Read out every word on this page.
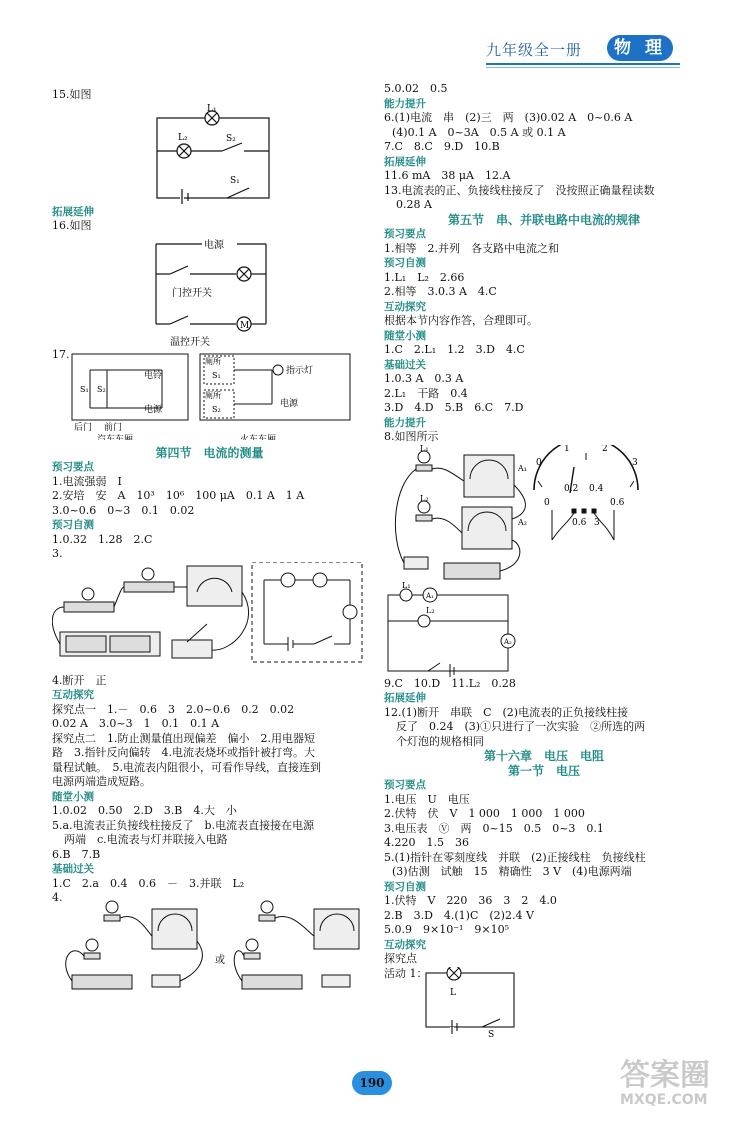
九年级全一册	物 理
15.如图
L₁
L₂	S₂
S₁
拓展延伸
16.如图
电源
门控开关
温控开关
M
17.
电铃
电源
S₁ S₂
后门 前门
汽车车厢
厕所
厕所
S₁
S₂
指示灯
电源
火车车厢
第四节　电流的测量
预习要点
1.电流强弱　I
2.安培　安　A　10³　10⁶　100 μA　0.1 A　1 A
3.0~0.6　0~3　0.1　0.02
预习自测
1.0.32　1.28　2.C
3.
4.断开　正
互动探究
探究点一　1.－　0.6　3　2.0~0.6　0.2　0.02
0.02 A　3.0~3　1　0.1　0.1 A
探究点二　1.防止测量值出现偏差　偏小　2.用电器短
路　3.指针反向偏转　4.电流表烧坏或指针被打弯。大
量程试触。　5.电流表内阻很小，可看作导线，直接连到
电源两端造成短路。
随堂小测
1.0.02　0.50　2.D　3.B　4.大　小
5.a.电流表正负接线柱接反了　b.电流表直接接在电源
两端　c.电流表与灯并联接入电路
6.B　7.B
基础过关
1.C　2.a　0.4　0.6　－　3.并联　L₂
4.
或
5.0.02　0.5
能力提升
6.(1)电流　串　(2)三　两　(3)0.02 A　0~0.6 A
(4)0.1 A　0~3A　0.5 A 或 0.1 A
7.C　8.C　9.D　10.B
拓展延伸
11.6 mA　38 μA　12.A
13.电流表的正、负接线柱接反了　没按照正确量程读数
0.28 A
第五节　串、并联电路中电流的规律
预习要点
1.相等　2.并列　各支路中电流之和
预习自测
1.L₁　L₂　2.66
2.相等　3.0.3 A　4.C
互动探究
根据本节内容作答，合理即可。
随堂小测
1.C　2.L₁　1.2　3.D　4.C
基础过关
1.0.3 A　0.3 A
2.L₁　干路　0.4
3.D　4.D　5.B　6.C　7.D
能力提升
8.如图所示
L₁
L₂
A₁
A₂
0
1	2
3
0
0.2 0.4
0.6
0.6 3
L₁
L₂
A₁
A₂
9.C　10.D　11.L₂　0.28
拓展延伸
12.(1)断开　串联　C　(2)电流表的正负接线柱接
反了　0.24　(3)①只进行了一次实验　②所选的两
个灯泡的规格相同
第十六章　电压　电阻
第一节　电压
预习要点
1.电压　U　电压
2.伏特　伏　V　1 000　1 000　1 000
3.电压表　Ⓥ　两　0~15　0.5　0~3　0.1
4.220　1.5　36
5.(1)指针在零刻度线　并联　(2)正接线柱　负接线柱
(3)估测　试触　15　精确性　3 V　(4)电源两端
预习自测
1.伏特　V　220　36　3　2　4.0
2.B　3.D　4.(1)C　(2)2.4 V
5.0.9　9×10⁻¹　9×10⁵
互动探究
探究点
活动 1：
L
S
190	答案圈
MXQE.COM
